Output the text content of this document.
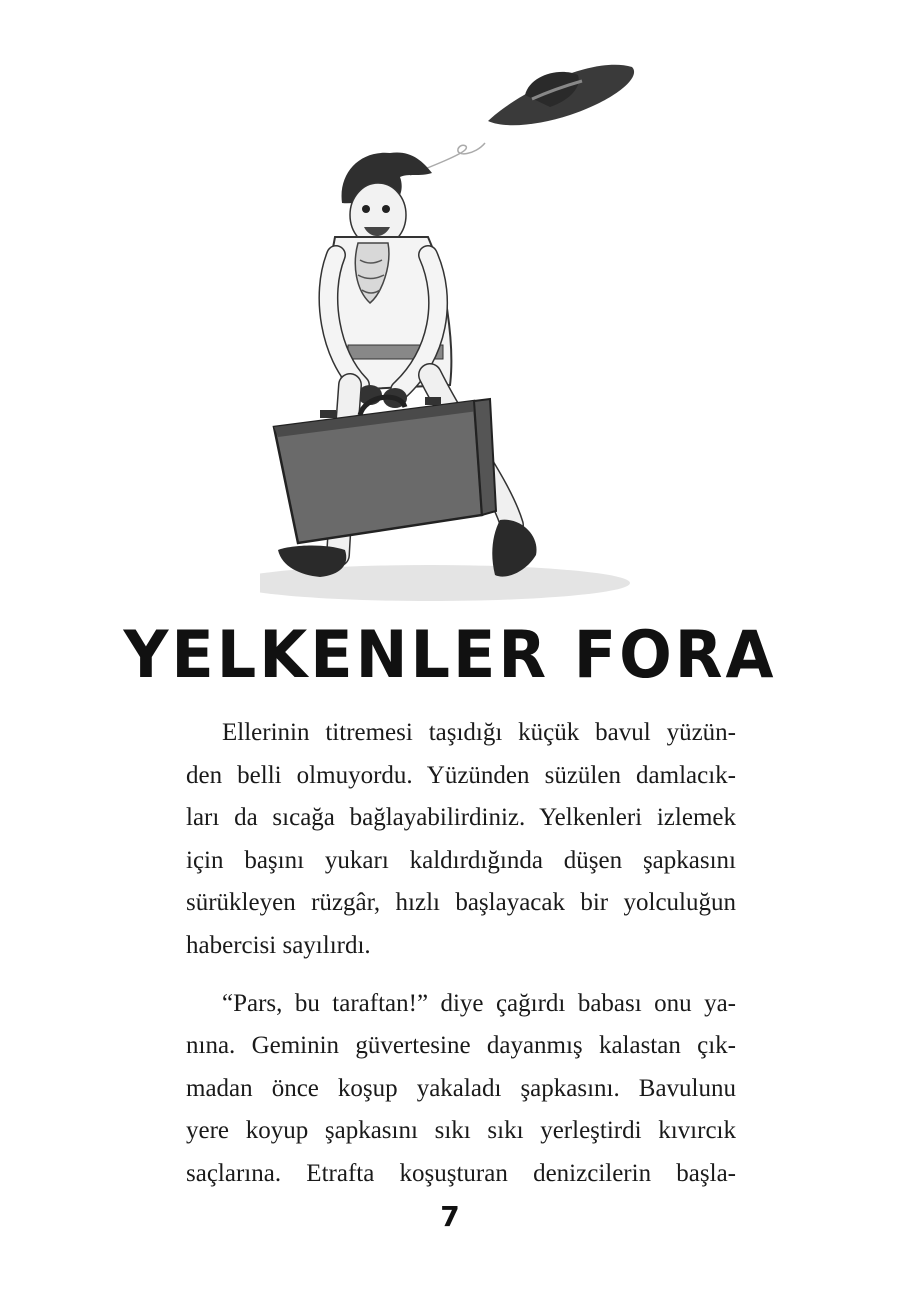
YELKENLER FORA

Ellerinin titremesi taşıdığı küçük bavul yüzün-
den belli olmuyordu. Yüzünden süzülen damlacık-
ları da sıcağa bağlayabilirdiniz. Yelkenleri izlemek
için başını yukarı kaldırdığında düşen şapkasını
sürükleyen rüzgâr, hızlı başlayacak bir yolculuğun
habercisi sayılırdı.

“Pars, bu taraftan!” diye çağırdı babası onu ya-
nına. Geminin güvertesine dayanmış kalastan çık-
madan önce koşup yakaladı şapkasını. Bavulunu
yere koyup şapkasını sıkı sıkı yerleştirdi kıvırcık
saçlarına. Etrafta koşuşturan denizcilerin başla-

7
